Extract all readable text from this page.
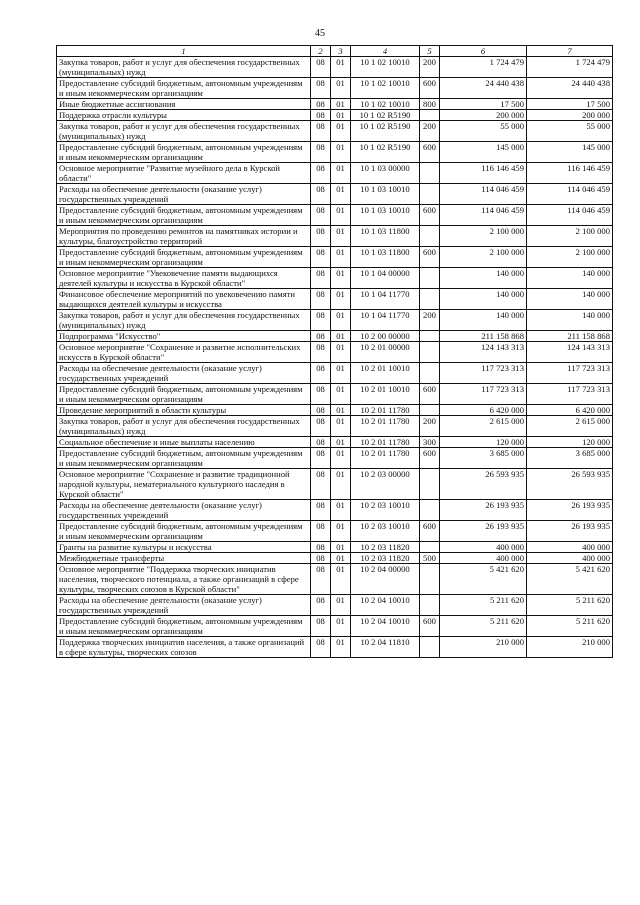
45
1	2	3	4	5	6	7
Закупка товаров, работ и услуг для обеспечения государственных (муниципальных) нужд	08	01	10 1 02 10010	200	1 724 479	1 724 479
Предоставление субсидий бюджетным, автономным учреждениям и иным некоммерческим организациям	08	01	10 1 02 10010	600	24 440 438	24 440 438
Иные бюджетные ассигнования	08	01	10 1 02 10010	800	17 500	17 500
Поддержка отрасли культуры	08	01	10 1 02 R5190		200 000	200 000
Закупка товаров, работ и услуг для обеспечения государственных (муниципальных) нужд	08	01	10 1 02 R5190	200	55 000	55 000
Предоставление субсидий бюджетным, автономным учреждениям и иным некоммерческим организациям	08	01	10 1 02 R5190	600	145 000	145 000
Основное мероприятие "Развитие музейного дела в Курской области"	08	01	10 1 03 00000		116 146 459	116 146 459
Расходы на обеспечение деятельности (оказание услуг) государственных учреждений	08	01	10 1 03 10010		114 046 459	114 046 459
Предоставление субсидий бюджетным, автономным учреждениям и иным некоммерческим организациям	08	01	10 1 03 10010	600	114 046 459	114 046 459
Мероприятия по проведению ремонтов на памятниках истории и культуры, благоустройство территорий	08	01	10 1 03 11800		2 100 000	2 100 000
Предоставление субсидий бюджетным, автономным учреждениям и иным некоммерческим организациям	08	01	10 1 03 11800	600	2 100 000	2 100 000
Основное мероприятие "Увековечение памяти выдающихся деятелей культуры и искусства в Курской области"	08	01	10 1 04 00000		140 000	140 000
Финансовое обеспечение мероприятий по увековечению памяти выдающихся деятелей культуры и искусства	08	01	10 1 04 11770		140 000	140 000
Закупка товаров, работ и услуг для обеспечения государственных (муниципальных) нужд	08	01	10 1 04 11770	200	140 000	140 000
Подпрограмма "Искусство"	08	01	10 2 00 00000		211 158 868	211 158 868
Основное мероприятие "Сохранение и развитие исполнительских искусств в Курской области"	08	01	10 2 01 00000		124 143 313	124 143 313
Расходы на обеспечение деятельности (оказание услуг) государственных учреждений	08	01	10 2 01 10010		117 723 313	117 723 313
Предоставление субсидий бюджетным, автономным учреждениям и иным некоммерческим организациям	08	01	10 2 01 10010	600	117 723 313	117 723 313
Проведение мероприятий в области культуры	08	01	10 2 01 11780		6 420 000	6 420 000
Закупка товаров, работ и услуг для обеспечения государственных (муниципальных) нужд	08	01	10 2 01 11780	200	2 615 000	2 615 000
Социальное обеспечение и иные выплаты населению	08	01	10 2 01 11780	300	120 000	120 000
Предоставление субсидий бюджетным, автономным учреждениям и иным некоммерческим организациям	08	01	10 2 01 11780	600	3 685 000	3 685 000
Основное мероприятие "Сохранение и развитие традиционной народной культуры, нематериального культурного наследия в Курской области"	08	01	10 2 03 00000		26 593 935	26 593 935
Расходы на обеспечение деятельности (оказание услуг) государственных учреждений	08	01	10 2 03 10010		26 193 935	26 193 935
Предоставление субсидий бюджетным, автономным учреждениям и иным некоммерческим организациям	08	01	10 2 03 10010	600	26 193 935	26 193 935
Гранты на развитие культуры и искусства	08	01	10 2 03 11820		400 000	400 000
Межбюджетные трансферты	08	01	10 2 03 11820	500	400 000	400 000
Основное мероприятие "Поддержка творческих инициатив населения, творческого потенциала, а также организаций в сфере культуры, творческих союзов в Курской области"	08	01	10 2 04 00000		5 421 620	5 421 620
Расходы на обеспечение деятельности (оказание услуг) государственных учреждений	08	01	10 2 04 10010		5 211 620	5 211 620
Предоставление субсидий бюджетным, автономным учреждениям и иным некоммерческим организациям	08	01	10 2 04 10010	600	5 211 620	5 211 620
Поддержка творческих инициатив населения, а также организаций в сфере культуры, творческих союзов	08	01	10 2 04 11810		210 000	210 000
